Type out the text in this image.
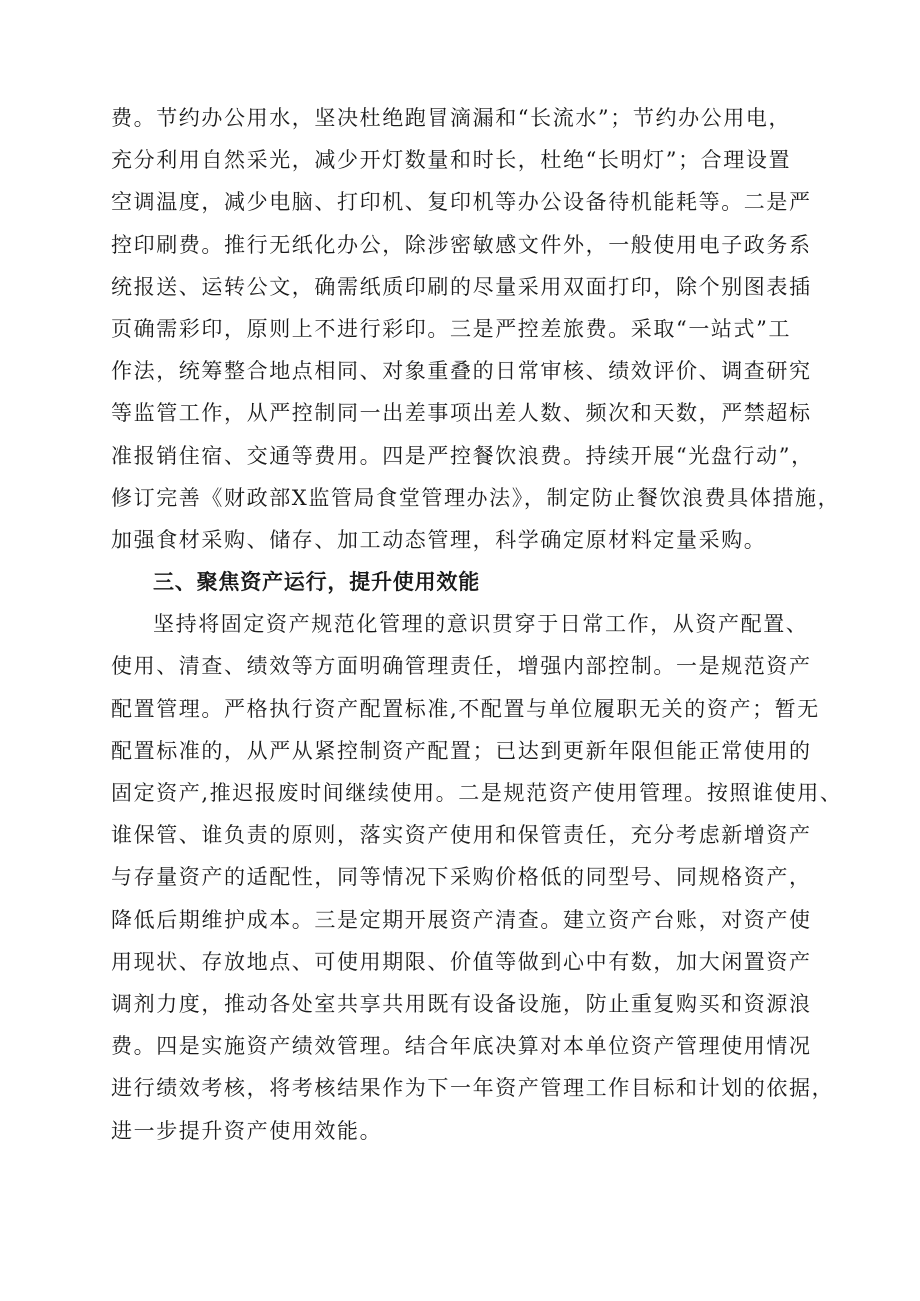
费。节约办公用水，坚决杜绝跑冒滴漏和“长流水”；节约办公用电，
充分利用自然采光，减少开灯数量和时长，杜绝“长明灯”；合理设置
空调温度，减少电脑、打印机、复印机等办公设备待机能耗等。二是严
控印刷费。推行无纸化办公，除涉密敏感文件外，一般使用电子政务系
统报送、运转公文，确需纸质印刷的尽量采用双面打印，除个别图表插
页确需彩印，原则上不进行彩印。三是严控差旅费。采取“一站式”工
作法，统筹整合地点相同、对象重叠的日常审核、绩效评价、调查研究
等监管工作，从严控制同一出差事项出差人数、频次和天数，严禁超标
准报销住宿、交通等费用。四是严控餐饮浪费。持续开展“光盘行动”，
修订完善《财政部X监管局食堂管理办法》，制定防止餐饮浪费具体措施，
加强食材采购、储存、加工动态管理，科学确定原材料定量采购。
三、聚焦资产运行，提升使用效能
坚持将固定资产规范化管理的意识贯穿于日常工作，从资产配置、
使用、清查、绩效等方面明确管理责任，增强内部控制。一是规范资产
配置管理。严格执行资产配置标准,不配置与单位履职无关的资产；暂无
配置标准的，从严从紧控制资产配置；已达到更新年限但能正常使用的
固定资产,推迟报废时间继续使用。二是规范资产使用管理。按照谁使用、
谁保管、谁负责的原则，落实资产使用和保管责任，充分考虑新增资产
与存量资产的适配性，同等情况下采购价格低的同型号、同规格资产，
降低后期维护成本。三是定期开展资产清查。建立资产台账，对资产使
用现状、存放地点、可使用期限、价值等做到心中有数，加大闲置资产
调剂力度，推动各处室共享共用既有设备设施，防止重复购买和资源浪
费。四是实施资产绩效管理。结合年底决算对本单位资产管理使用情况
进行绩效考核，将考核结果作为下一年资产管理工作目标和计划的依据，
进一步提升资产使用效能。
